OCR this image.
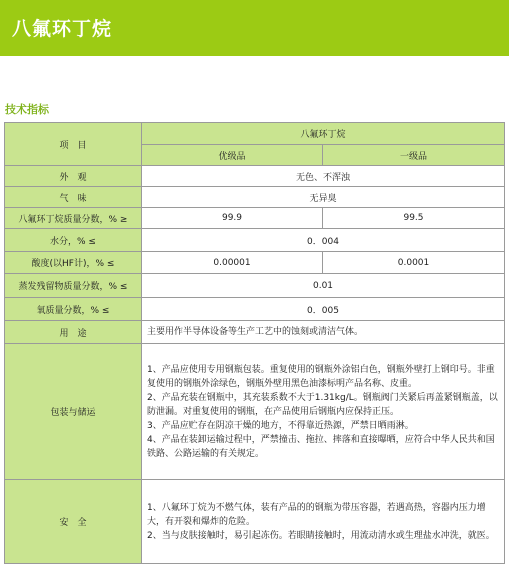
八氟环丁烷
技术指标
项　目	八氟环丁烷	
	优级品	一级品
外　观	无色、不浑浊	
气　味	无异臭	
八氟环丁烷质量分数，% ≥	99.9	99.5
水分，% ≤	0．004	
酸度(以HF计)，% ≤	0.00001	0.0001
蒸发残留物质量分数，% ≤	0.01	
氧质量分数，% ≤	0．005	
用　途	主要用作半导体设备等生产工艺中的蚀刻或清洁气体。	
包装与储运	1、产品应使用专用钢瓶包装。重复使用的钢瓶外涂铝白色，钢瓶外壁打上钢印号。非重复使用的钢瓶外涂绿色，钢瓶外壁用黑色油漆标明产品名称、皮重。

2、产品充装在钢瓶中，其充装系数不大于1.31kg/L。钢瓶阀门关紧后再盖紧钢瓶盖，以防泄漏。对重复使用的钢瓶，在产品使用后钢瓶内应保持正压。

3、产品应贮存在阴凉干燥的地方，不得靠近热源，严禁日晒雨淋。

4、产品在装卸运输过程中，严禁撞击、拖拉、摔落和直接曝晒，应符合中华人民共和国铁路、公路运输的有关规定。	

安　全	1、八氟环丁烷为不燃气体，装有产品的的钢瓶为带压容器，若遇高热，容器内压力增大，有开裂和爆炸的危险。

2、当与皮肤接触时，易引起冻伤。若眼睛接触时，用流动清水或生理盐水冲洗，就医。	
